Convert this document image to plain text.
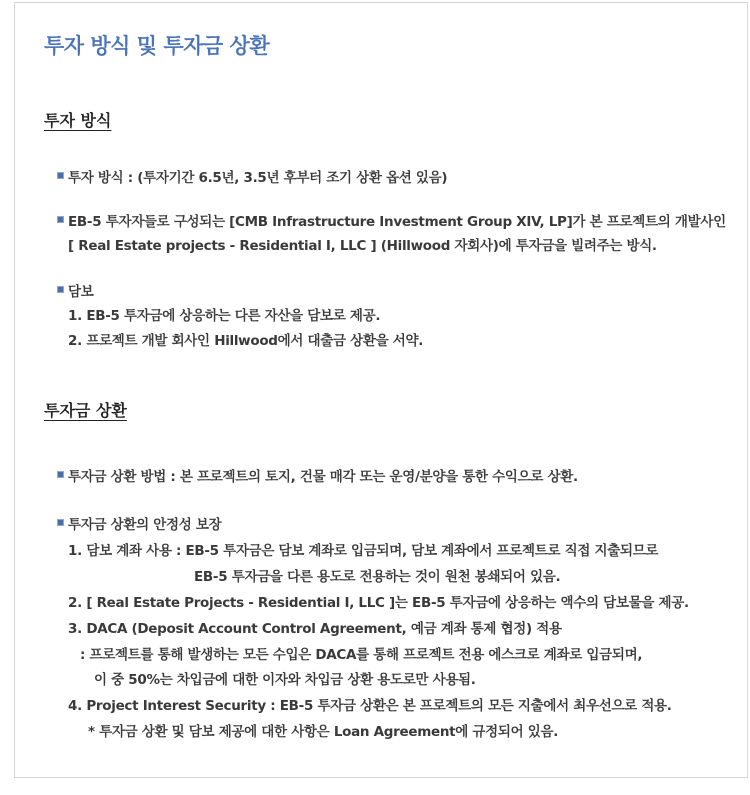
투자 방식 및 투자금 상환
투자 방식
투자 방식 : (투자기간 6.5년, 3.5년 후부터 조기 상환 옵션 있음)
EB-5 투자자들로 구성되는 [CMB Infrastructure Investment Group XIV, LP]가 본 프로젝트의 개발사인
[ Real Estate projects - Residential I, LLC ] (Hillwood 자회사)에 투자금을 빌려주는 방식.
담보
1. EB-5 투자금에 상응하는 다른 자산을 담보로 제공.
2. 프로젝트 개발 회사인 Hillwood에서 대출금 상환을 서약.
투자금 상환
투자금 상환 방법 : 본 프로젝트의 토지, 건물 매각 또는 운영/분양을 통한 수익으로 상환.
투자금 상환의 안정성 보장
1. 담보 계좌 사용 : EB-5 투자금은 담보 계좌로 입금되며, 담보 계좌에서 프로젝트로 직접 지출되므로
EB-5 투자금을 다른 용도로 전용하는 것이 원천 봉쇄되어 있음.
2. [ Real Estate Projects - Residential I, LLC ]는 EB-5 투자금에 상응하는 액수의 담보물을 제공.
3. DACA (Deposit Account Control Agreement, 예금 계좌 통제 협정) 적용
: 프로젝트를 통해 발생하는 모든 수입은 DACA를 통해 프로젝트 전용 에스크로 계좌로 입금되며,
이 중 50%는 차입금에 대한 이자와 차입금 상환 용도로만 사용됨.
4. Project Interest Security : EB-5 투자금 상환은 본 프로젝트의 모든 지출에서 최우선으로 적용.
* 투자금 상환 및 담보 제공에 대한 사항은 Loan Agreement에 규정되어 있음.
